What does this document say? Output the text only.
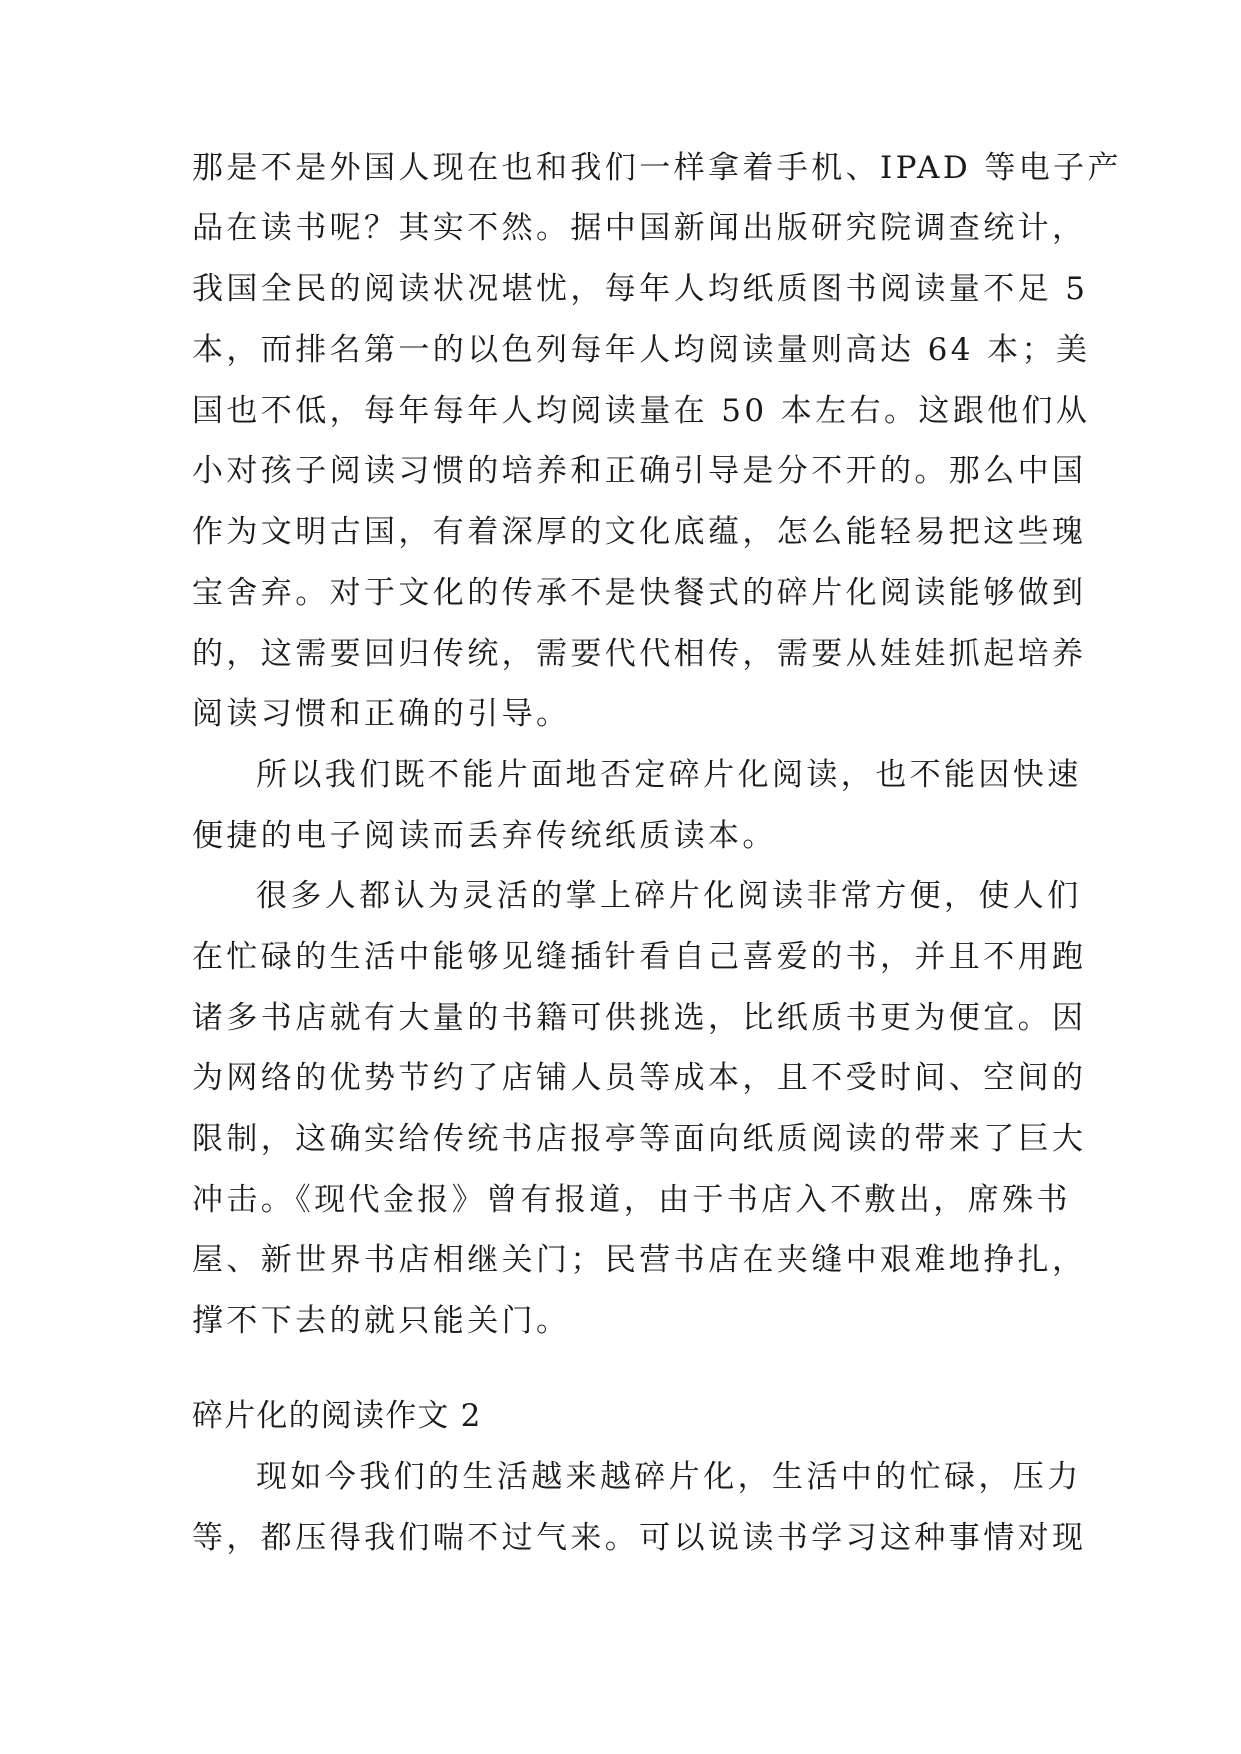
那是不是外国人现在也和我们一样拿着手机、IPAD 等电子产

品在读书呢？其实不然。据中国新闻出版研究院调查统计，

我国全民的阅读状况堪忧，每年人均纸质图书阅读量不足 5

本，而排名第一的以色列每年人均阅读量则高达 64 本；美

国也不低，每年每年人均阅读量在 50 本左右。这跟他们从

小对孩子阅读习惯的培养和正确引导是分不开的。那么中国

作为文明古国，有着深厚的文化底蕴，怎么能轻易把这些瑰

宝舍弃。对于文化的传承不是快餐式的碎片化阅读能够做到

的，这需要回归传统，需要代代相传，需要从娃娃抓起培养

阅读习惯和正确的引导。

所以我们既不能片面地否定碎片化阅读，也不能因快速

便捷的电子阅读而丢弃传统纸质读本。

很多人都认为灵活的掌上碎片化阅读非常方便，使人们

在忙碌的生活中能够见缝插针看自己喜爱的书，并且不用跑

诸多书店就有大量的书籍可供挑选，比纸质书更为便宜。因

为网络的优势节约了店铺人员等成本，且不受时间、空间的

限制，这确实给传统书店报亭等面向纸质阅读的带来了巨大

冲击。《现代金报》曾有报道，由于书店入不敷出，席殊书

屋、新世界书店相继关门；民营书店在夹缝中艰难地挣扎，

撑不下去的就只能关门。

碎片化的阅读作文 2

现如今我们的生活越来越碎片化，生活中的忙碌，压力

等，都压得我们喘不过气来。可以说读书学习这种事情对现
